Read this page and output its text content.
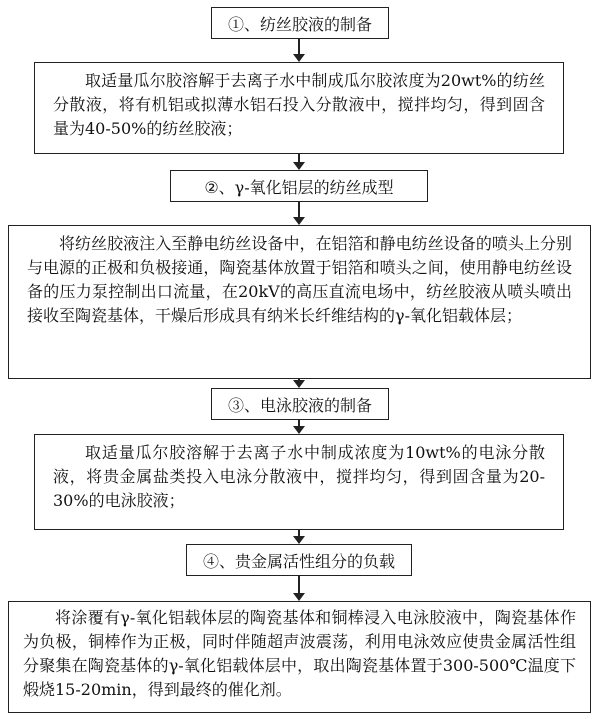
①、纺丝胶液的制备
取适量瓜尔胶溶解于去离子水中制成瓜尔胶浓度为20wt%的纺丝分散液，将有机铝或拟薄水铝石投入分散液中，搅拌均匀，得到固含量为40-50%的纺丝胶液；
②、γ-氧化铝层的纺丝成型
将纺丝胶液注入至静电纺丝设备中，在铝箔和静电纺丝设备的喷头上分别与电源的正极和负极接通，陶瓷基体放置于铝箔和喷头之间，使用静电纺丝设备的压力泵控制出口流量，在20kV的高压直流电场中，纺丝胶液从喷头喷出接收至陶瓷基体，干燥后形成具有纳米长纤维结构的γ-氧化铝载体层；
③、电泳胶液的制备
取适量瓜尔胶溶解于去离子水中制成浓度为10wt%的电泳分散液，将贵金属盐类投入电泳分散液中，搅拌均匀，得到固含量为20-30%的电泳胶液；
④、贵金属活性组分的负载
将涂覆有γ-氧化铝载体层的陶瓷基体和铜棒浸入电泳胶液中，陶瓷基体作为负极，铜棒作为正极，同时伴随超声波震荡，利用电泳效应使贵金属活性组分聚集在陶瓷基体的γ-氧化铝载体层中，取出陶瓷基体置于300-500℃温度下煅烧15-20min，得到最终的催化剂。
